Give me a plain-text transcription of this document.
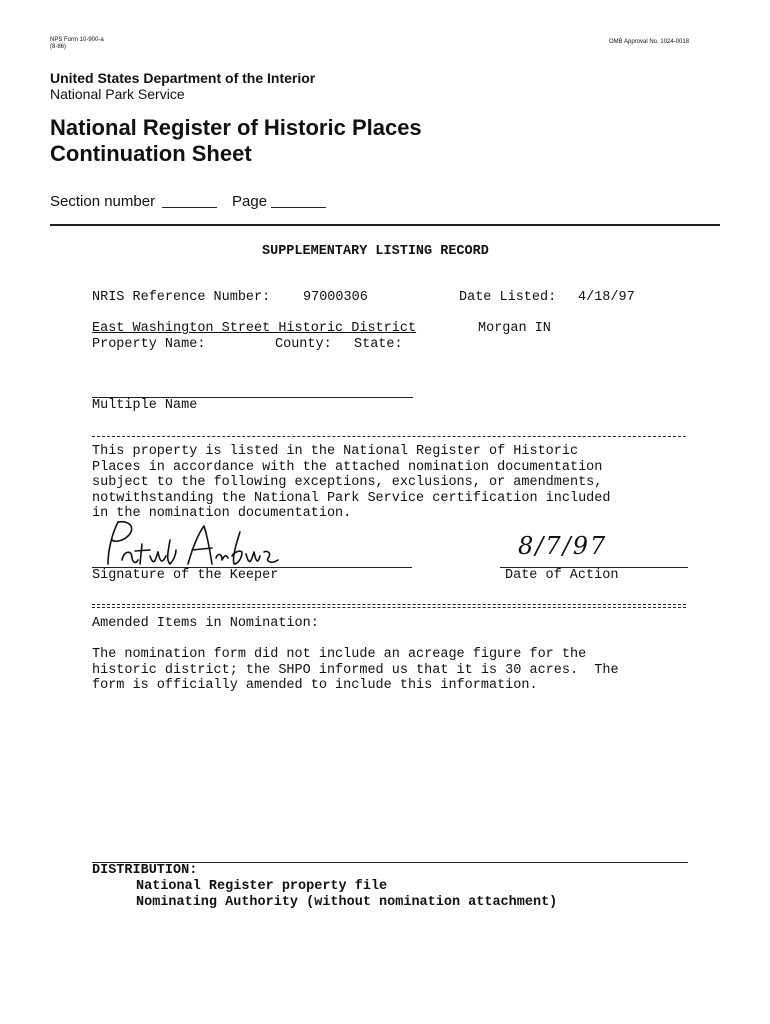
NPS Form 10-900-a
(8-86)
OMB Approval No. 1024-0018
United States Department of the Interior
National Park Service
National Register of Historic Places
Continuation Sheet
Section number	Page
SUPPLEMENTARY LISTING RECORD
NRIS Reference Number: 97000306	Date Listed: 4/18/97
East Washington Street Historic District	Morgan IN
Property Name:	County: State:
Multiple Name
This property is listed in the National Register of Historic
Places in accordance with the attached nomination documentation
subject to the following exceptions, exclusions, or amendments,
notwithstanding the National Park Service certification included
in the nomination documentation.
Signature of the Keeper
8/7/97
Date of Action
Amended Items in Nomination:
The nomination form did not include an acreage figure for the
historic district; the SHPO informed us that it is 30 acres.  The
form is officially amended to include this information.
DISTRIBUTION:
National Register property file
Nominating Authority (without nomination attachment)
